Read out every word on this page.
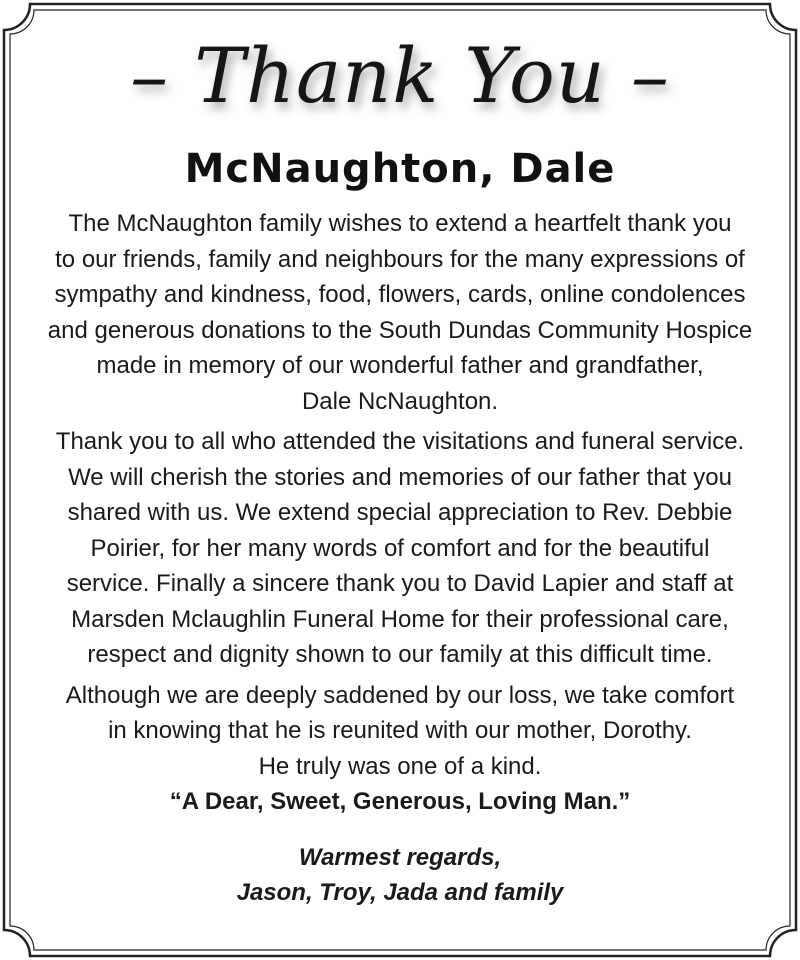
– Thank You –
McNaughton, Dale

The McNaughton family wishes to extend a heartfelt thank you
to our friends, family and neighbours for the many expressions of
sympathy and kindness, food, flowers, cards, online condolences
and generous donations to the South Dundas Community Hospice
made in memory of our wonderful father and grandfather,
Dale NcNaughton.

Thank you to all who attended the visitations and funeral service.
We will cherish the stories and memories of our father that you
shared with us. We extend special appreciation to Rev. Debbie
Poirier, for her many words of comfort and for the beautiful
service. Finally a sincere thank you to David Lapier and staff at
Marsden Mclaughlin Funeral Home for their professional care,
respect and dignity shown to our family at this difficult time.

Although we are deeply saddened by our loss, we take comfort
in knowing that he is reunited with our mother, Dorothy.
He truly was one of a kind.
“A Dear, Sweet, Generous, Loving Man.”

Warmest regards,
Jason, Troy, Jada and family
